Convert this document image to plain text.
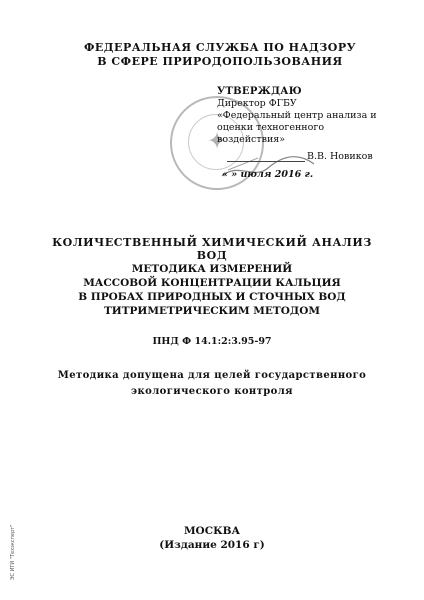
ФЕДЕРАЛЬНАЯ СЛУЖБА ПО НАДЗОРУ
В СФЕРЕ ПРИРОДОПОЛЬЗОВАНИЯ
✦
УТВЕРЖДАЮ
Директор ФГБУ
«Федеральный центр анализа и
оценки техногенного
воздействия»
В.В. Новиков
« » июля 2016 г.
КОЛИЧЕСТВЕННЫЙ ХИМИЧЕСКИЙ АНАЛИЗ ВОД
МЕТОДИКА ИЗМЕРЕНИЙ
МАССОВОЙ КОНЦЕНТРАЦИИ КАЛЬЦИЯ
В ПРОБАХ ПРИРОДНЫХ И СТОЧНЫХ ВОД
ТИТРИМЕТРИЧЕСКИМ МЕТОДОМ
ПНД Ф 14.1:2:3.95-97
Методика допущена для целей государственного
экологического контроля
МОСКВА
(Издание 2016 г)
ЭС ИТИ "Техэксперт"
